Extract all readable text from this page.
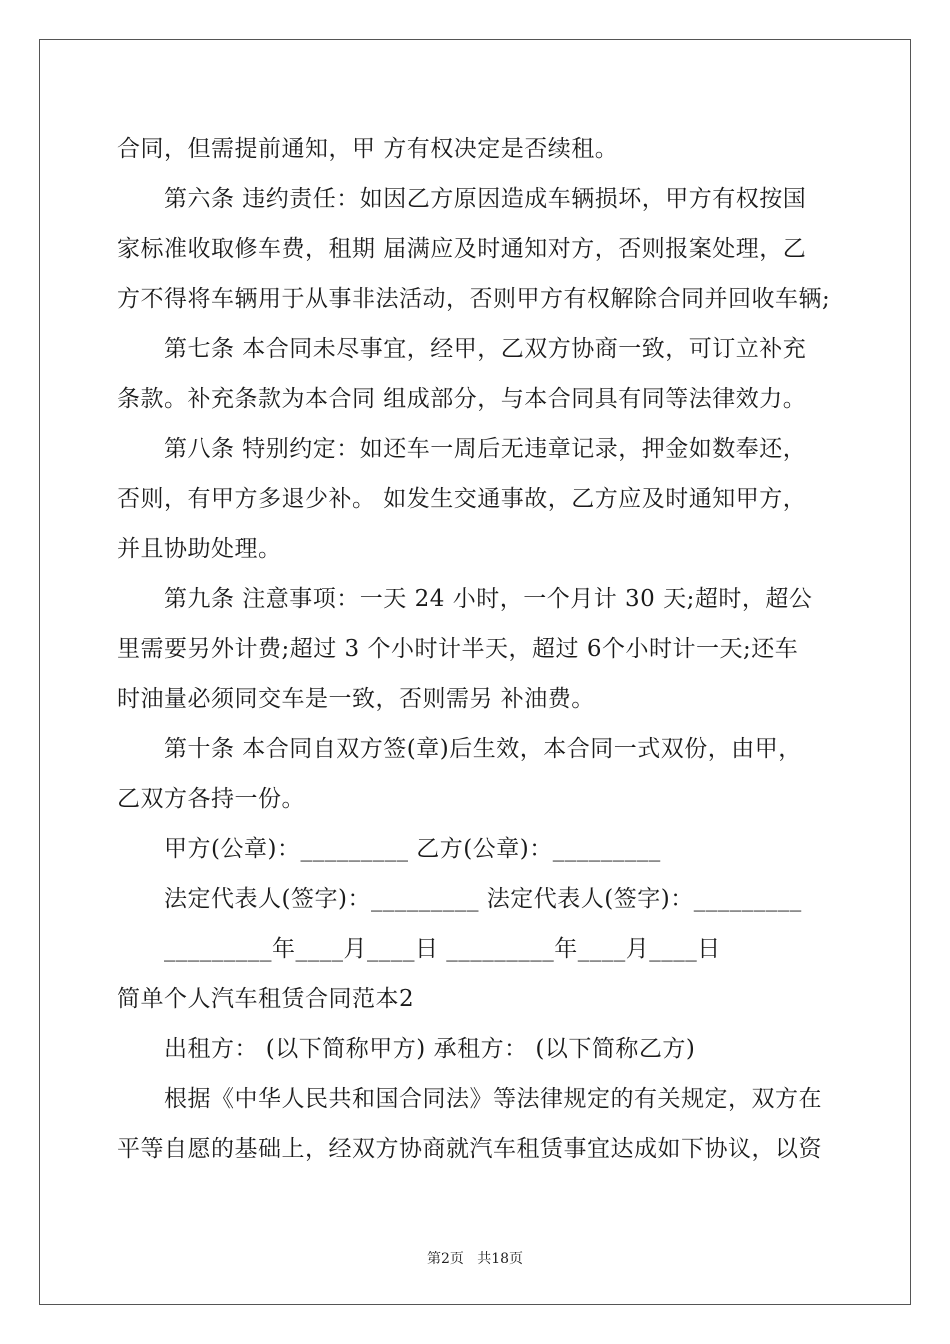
合同，但需提前通知，甲 方有权决定是否续租。
第六条 违约责任：如因乙方原因造成车辆损坏，甲方有权按国
家标准收取修车费，租期 届满应及时通知对方，否则报案处理，乙
方不得将车辆用于从事非法活动，否则甲方有权解除合同并回收车辆;
第七条 本合同未尽事宜，经甲，乙双方协商一致，可订立补充
条款。补充条款为本合同 组成部分，与本合同具有同等法律效力。
第八条 特别约定：如还车一周后无违章记录，押金如数奉还，
否则，有甲方多退少补。 如发生交通事故，乙方应及时通知甲方，
并且协助处理。
第九条 注意事项：一天 24 小时，一个月计 30 天;超时，超公
里需要另外计费;超过 3 个小时计半天，超过 6个小时计一天;还车
时油量必须同交车是一致，否则需另 补油费。
第十条 本合同自双方签(章)后生效，本合同一式双份，由甲，
乙双方各持一份。
甲方(公章)：_________ 乙方(公章)：_________
法定代表人(签字)：_________ 法定代表人(签字)：_________
_________年____月____日 _________年____月____日
简单个人汽车租赁合同范本2
出租方： (以下简称甲方) 承租方： (以下简称乙方)
根据《中华人民共和国合同法》等法律规定的有关规定，双方在
平等自愿的基础上，经双方协商就汽车租赁事宜达成如下协议，以资
第2页   共18页
